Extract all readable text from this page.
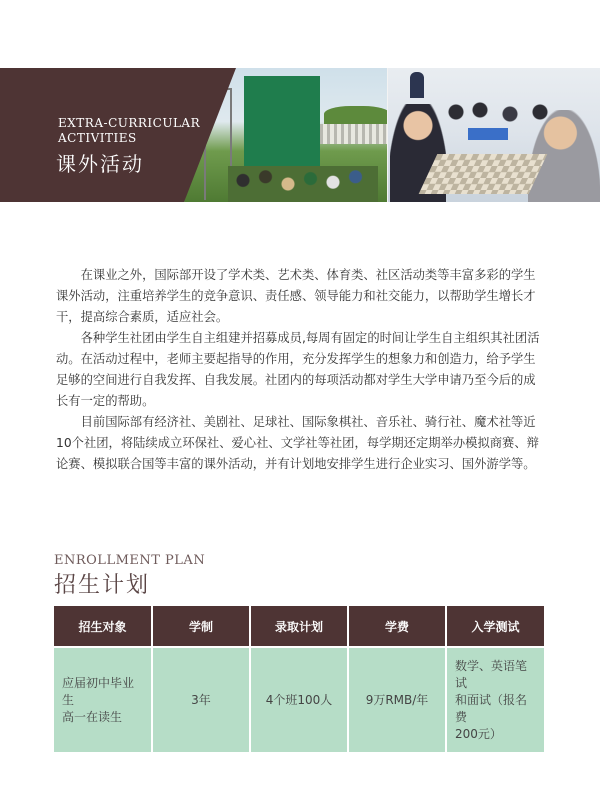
EXTRA-CURRICULAR
ACTIVITIES
课外活动

在课业之外，国际部开设了学术类、艺术类、体育类、社区活动类等丰富多彩的学生课外活动，注重培养学生的竞争意识、责任感、领导能力和社交能力，以帮助学生增长才干，提高综合素质，适应社会。

各种学生社团由学生自主组建并招募成员,每周有固定的时间让学生自主组织其社团活动。在活动过程中，老师主要起指导的作用，充分发挥学生的想象力和创造力，给予学生足够的空间进行自我发挥、自我发展。社团内的每项活动都对学生大学申请乃至今后的成长有一定的帮助。

目前国际部有经济社、美剧社、足球社、国际象棋社、音乐社、骑行社、魔术社等近10个社团，将陆续成立环保社、爱心社、文学社等社团，每学期还定期举办模拟商赛、辩论赛、模拟联合国等丰富的课外活动，并有计划地安排学生进行企业实习、国外游学等。

ENROLLMENT PLAN
招生计划
招生对象	学制	录取计划	学费	入学测试
应届初中毕业生
高一在读生	3年	4个班100人	9万RMB/年	数学、英语笔试
和面试（报名费
200元）
